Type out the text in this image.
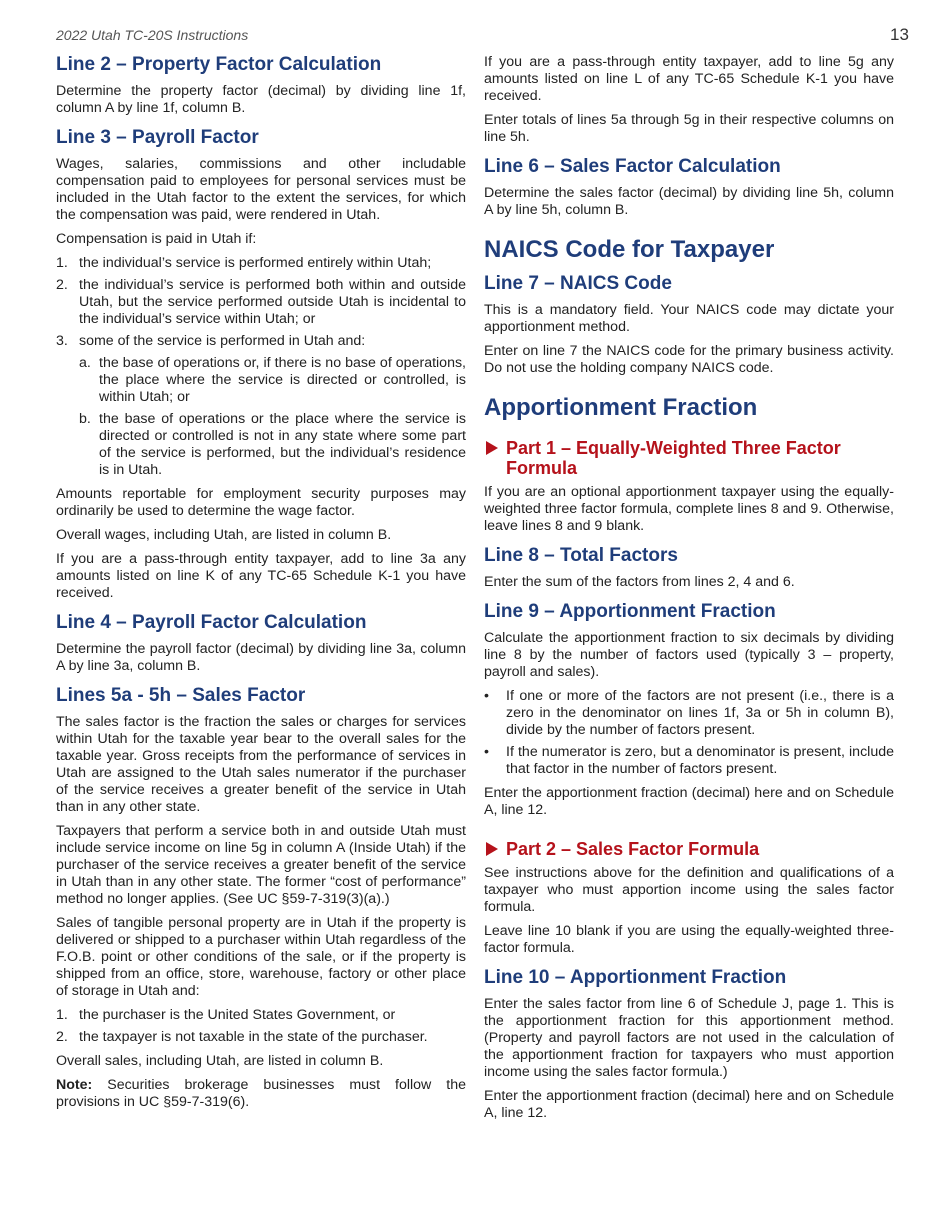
2022 Utah TC-20S Instructions	13
Line 2 – Property Factor Calculation

Determine the property factor (decimal) by dividing line 1f, column A by line 1f, column B.

Line 3 – Payroll Factor

Wages, salaries, commissions and other includable compensation paid to employees for personal services must be included in the Utah factor to the extent the services, for which the compensation was paid, were rendered in Utah.

Compensation is paid in Utah if:

1. the individual’s service is performed entirely within Utah;
2. the individual’s service is performed both within and outside Utah, but the service performed outside Utah is incidental to the individual’s service within Utah; or
3. some of the service is performed in Utah and:
a. the base of operations or, if there is no base of operations, the place where the service is directed or controlled, is within Utah; or
b. the base of operations or the place where the service is directed or controlled is not in any state where some part of the service is performed, but the individual’s residence is in Utah.

Amounts reportable for employment security purposes may ordinarily be used to determine the wage factor.

Overall wages, including Utah, are listed in column B.

If you are a pass-through entity taxpayer, add to line 3a any amounts listed on line K of any TC-65 Schedule K-1 you have received.

Line 4 – Payroll Factor Calculation

Determine the payroll factor (decimal) by dividing line 3a, column A by line 3a, column B.

Lines 5a - 5h – Sales Factor

The sales factor is the fraction the sales or charges for services within Utah for the taxable year bear to the overall sales for the taxable year. Gross receipts from the performance of services in Utah are assigned to the Utah sales numerator if the purchaser of the service receives a greater benefit of the service in Utah than in any other state.

Taxpayers that perform a service both in and outside Utah must include service income on line 5g in column A (Inside Utah) if the purchaser of the service receives a greater benefit of the service in Utah than in any other state. The former “cost of performance” method no longer applies. (See UC §59-7-319(3)(a).)

Sales of tangible personal property are in Utah if the property is delivered or shipped to a purchaser within Utah regardless of the F.O.B. point or other conditions of the sale, or if the property is shipped from an office, store, warehouse, factory or other place of storage in Utah and:

1. the purchaser is the United States Government, or
2. the taxpayer is not taxable in the state of the purchaser.

Overall sales, including Utah, are listed in column B.

Note: Securities brokerage businesses must follow the provisions in UC §59-7-319(6).

If you are a pass-through entity taxpayer, add to line 5g any amounts listed on line L of any TC-65 Schedule K-1 you have received.

Enter totals of lines 5a through 5g in their respective columns on line 5h.

Line 6 – Sales Factor Calculation

Determine the sales factor (decimal) by dividing line 5h, column A by line 5h, column B.

NAICS Code for Taxpayer
Line 7 – NAICS Code

This is a mandatory field. Your NAICS code may dictate your apportionment method.

Enter on line 7 the NAICS code for the primary business activity. Do not use the holding company NAICS code.

Apportionment Fraction
Part 1 – Equally-Weighted Three Factor Formula

If you are an optional apportionment taxpayer using the equally-weighted three factor formula, complete lines 8 and 9. Otherwise, leave lines 8 and 9 blank.

Line 8 – Total Factors

Enter the sum of the factors from lines 2, 4 and 6.

Line 9 – Apportionment Fraction

Calculate the apportionment fraction to six decimals by dividing line 8 by the number of factors used (typically 3 – property, payroll and sales).

• If one or more of the factors are not present (i.e., there is a zero in the denominator on lines 1f, 3a or 5h in column B), divide by the number of factors present.
• If the numerator is zero, but a denominator is present, include that factor in the number of factors present.

Enter the apportionment fraction (decimal) here and on Schedule A, line 12.

Part 2 – Sales Factor Formula

See instructions above for the definition and qualifications of a taxpayer who must apportion income using the sales factor formula.

Leave line 10 blank if you are using the equally-weighted three-factor formula.

Line 10 – Apportionment Fraction

Enter the sales factor from line 6 of Schedule J, page 1. This is the apportionment fraction for this apportionment method. (Property and payroll factors are not used in the calculation of the apportionment fraction for taxpayers who must apportion income using the sales factor formula.)

Enter the apportionment fraction (decimal) here and on Schedule A, line 12.
